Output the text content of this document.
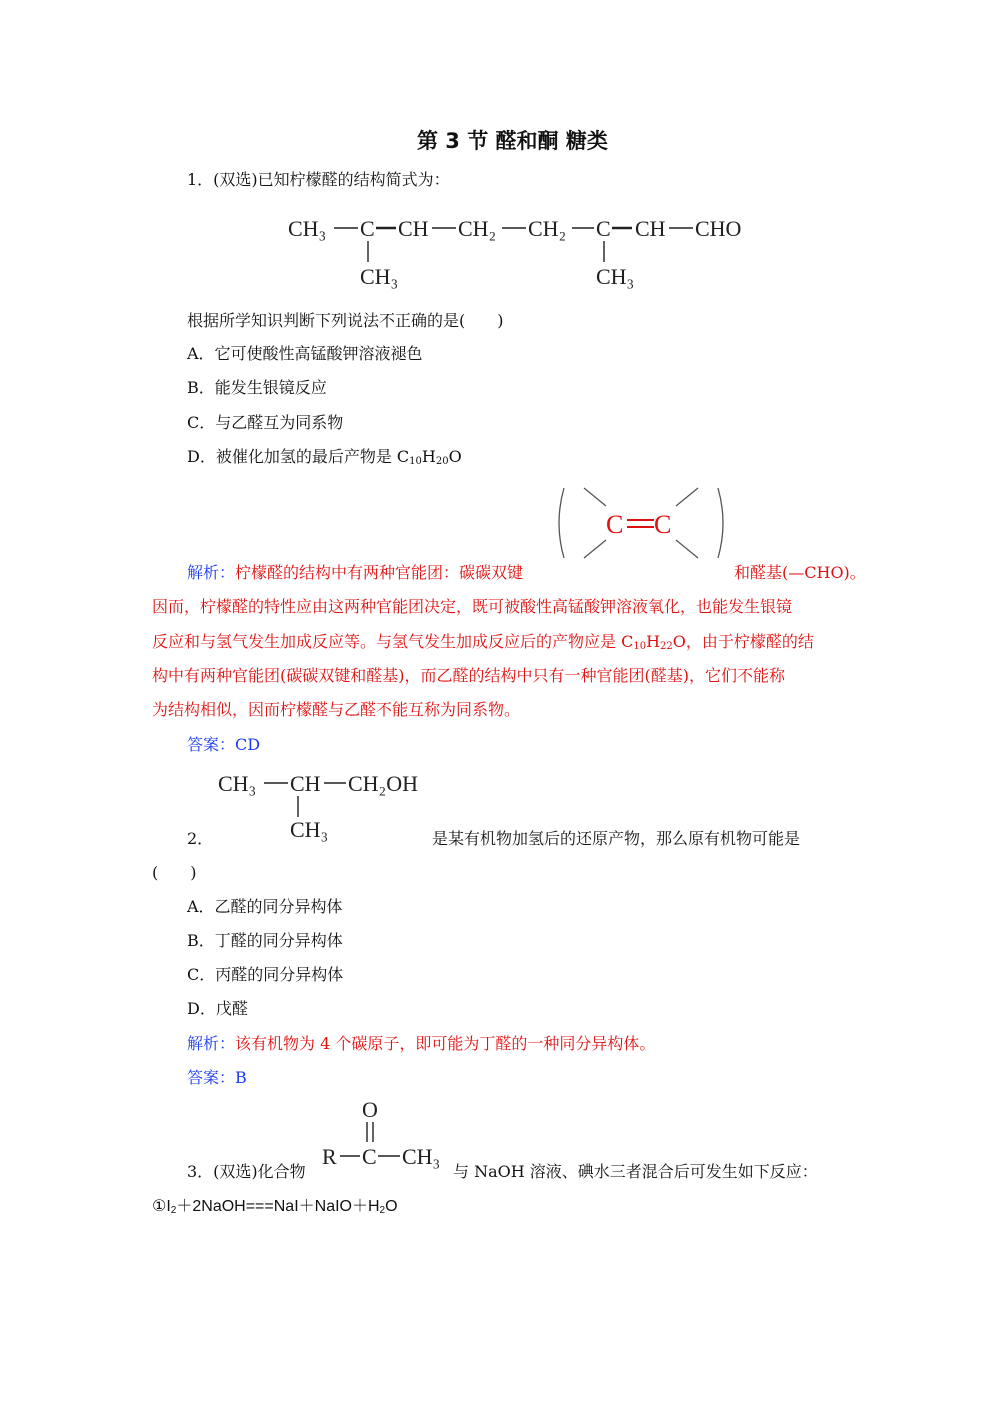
第 3 节 醛和酮 糖类
1．(双选)已知柠檬醛的结构简式为：
CH₃ C CH CH₂ CH₂ C CH CHO
CH₃	CH₃
根据所学知识判断下列说法不正确的是(　　)
A．它可使酸性高锰酸钾溶液褪色
B．能发生银镜反应
C．与乙醛互为同系物
D．被催化加氢的最后产物是 $C_{10}H_{20}O$
C C
解析：柠檬醛的结构中有两种官能团：碳碳双键	和醛基(—CHO)。
因而，柠檬醛的特性应由这两种官能团决定，既可被酸性高锰酸钾溶液氧化，也能发生银镜
反应和与氢气发生加成反应等。与氢气发生加成反应后的产物应是 $C_{10}H_{22}O$，由于柠檬醛的结
构中有两种官能团(碳碳双键和醛基)，而乙醛的结构中只有一种官能团(醛基)，它们不能称
为结构相似，因而柠檬醛与乙醛不能互称为同系物。
答案：CD
CH₃ CH CH₂OH
CH₃
2．	是某有机物加氢后的还原产物，那么原有机物可能是
(　　)
A．乙醛的同分异构体
B．丁醛的同分异构体
C．丙醛的同分异构体
D．戊醛
解析：该有机物为 4 个碳原子，即可能为丁醛的一种同分异构体。
答案：B
O
R C CH₃
3．(双选)化合物	与 NaOH 溶液、碘水三者混合后可发生如下反应：
$①I_2+2NaOH===NaI+NaIO+H_2O$
